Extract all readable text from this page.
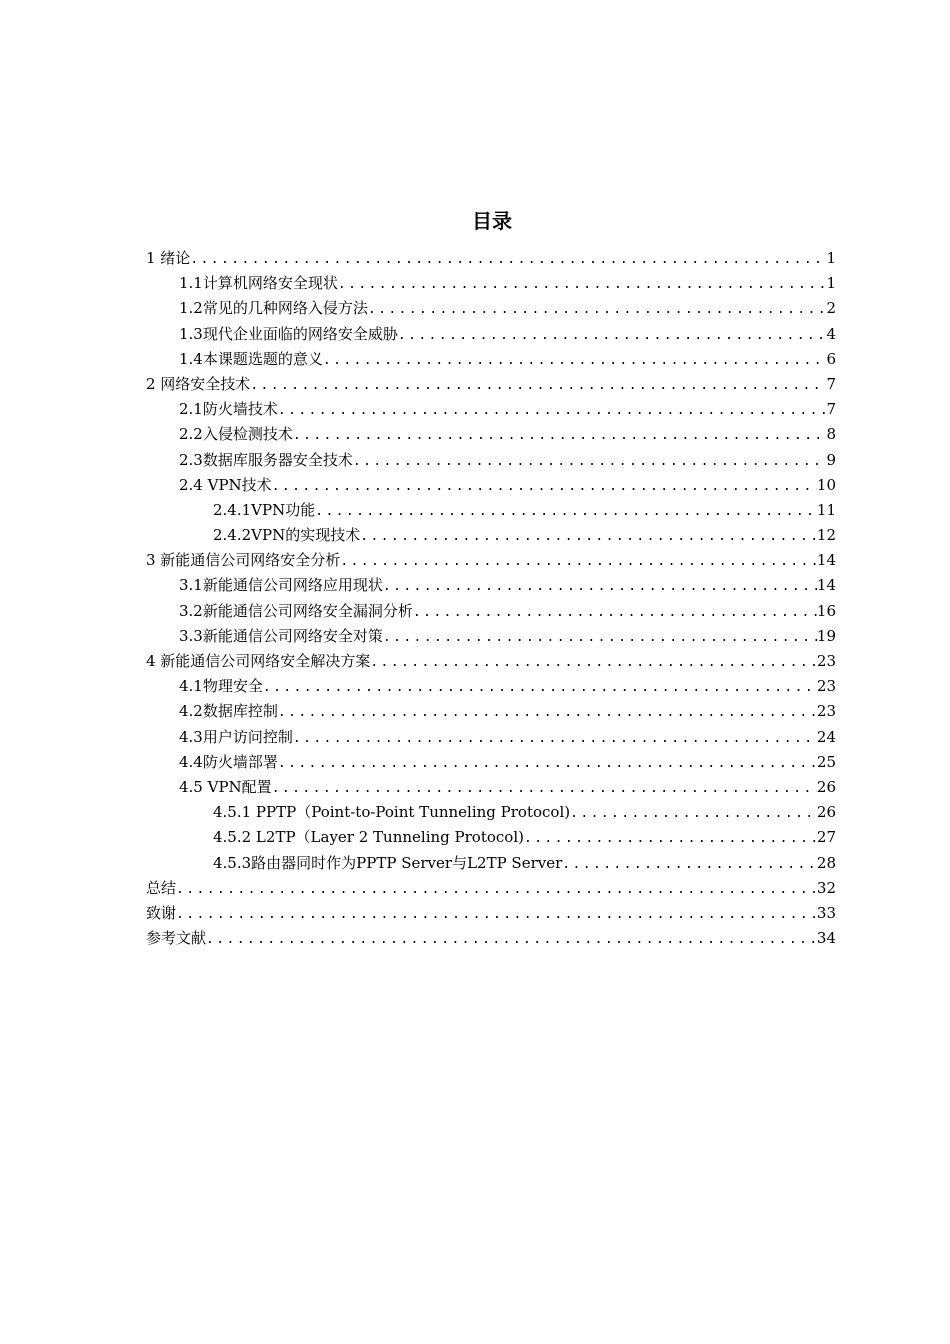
目录
1 绪论 .....	1
1.1计算机网络安全现状 .....	1
1.2常见的几种网络入侵方法 .....	2
1.3现代企业面临的网络安全威胁 .....	4
1.4本课题选题的意义 .....	6
2 网络安全技术 .....	7
2.1防火墙技术 .....	7
2.2入侵检测技术 .....	8
2.3数据库服务器安全技术 .....	9
2.4 VPN技术 .....	10
2.4.1VPN功能 .....	11
2.4.2VPN的实现技术 .....	12
3 新能通信公司网络安全分析 .....	14
3.1新能通信公司网络应用现状 .....	14
3.2新能通信公司网络安全漏洞分析 .....	16
3.3新能通信公司网络安全对策 .....	19
4 新能通信公司网络安全解决方案 .....	23
4.1物理安全 .....	23
4.2数据库控制 .....	23
4.3用户访问控制 .....	24
4.4防火墙部署 .....	25
4.5 VPN配置 .....	26
4.5.1 PPTP（Point-to-Point Tunneling Protocol) .....	26
4.5.2 L2TP（Layer 2 Tunneling Protocol) .....	27
4.5.3路由器同时作为PPTP Server与L2TP Server .....	28
总结 .....	32
致谢 .....	33
参考文献 .....	34
